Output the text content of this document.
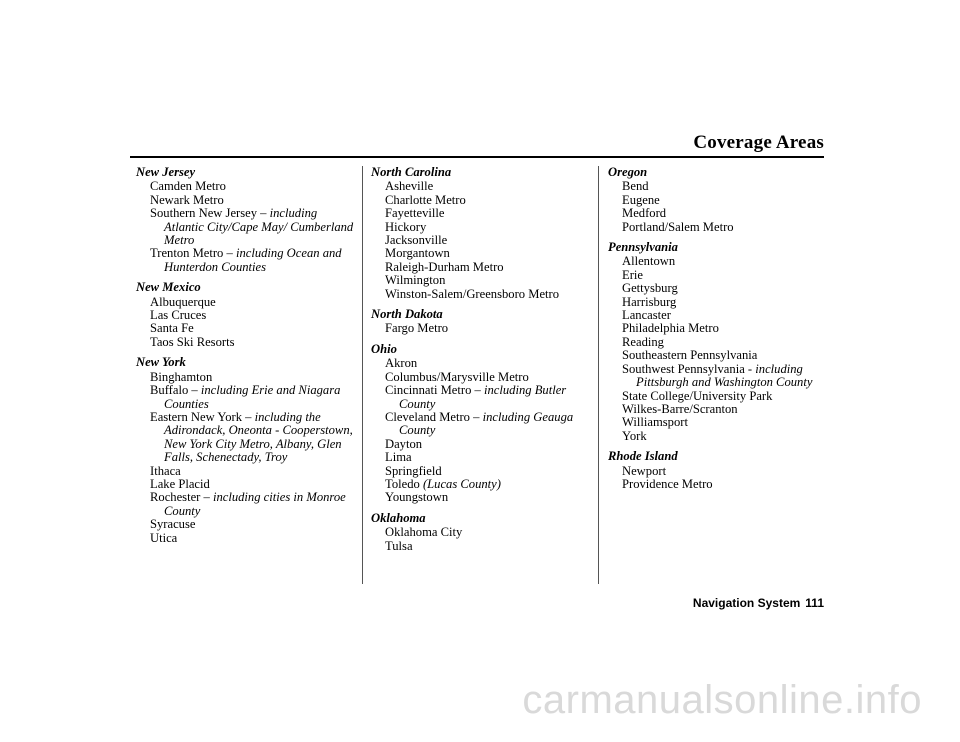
Coverage Areas
New Jersey
Camden Metro
Newark Metro
Southern New Jersey – including Atlantic City/Cape May/ Cumberland Metro
Trenton Metro – including Ocean and Hunterdon Counties
New Mexico
Albuquerque
Las Cruces
Santa Fe
Taos Ski Resorts
New York
Binghamton
Buffalo – including Erie and Niagara Counties
Eastern New York – including the Adirondack, Oneonta - Cooperstown, New York City Metro, Albany, Glen Falls, Schenectady, Troy
Ithaca
Lake Placid
Rochester – including cities in Monroe County
Syracuse
Utica
North Carolina
Asheville
Charlotte Metro
Fayetteville
Hickory
Jacksonville
Morgantown
Raleigh-Durham Metro
Wilmington
Winston-Salem/Greensboro Metro
North Dakota
Fargo Metro
Ohio
Akron
Columbus/Marysville Metro
Cincinnati Metro – including Butler County
Cleveland Metro – including Geauga County
Dayton
Lima
Springfield
Toledo (Lucas County)
Youngstown
Oklahoma
Oklahoma City
Tulsa
Oregon
Bend
Eugene
Medford
Portland/Salem Metro
Pennsylvania
Allentown
Erie
Gettysburg
Harrisburg
Lancaster
Philadelphia Metro
Reading
Southeastern Pennsylvania
Southwest Pennsylvania - including Pittsburgh and Washington County
State College/University Park
Wilkes-Barre/Scranton
Williamsport
York
Rhode Island
Newport
Providence Metro
Navigation System 111
carmanualsonline.info
